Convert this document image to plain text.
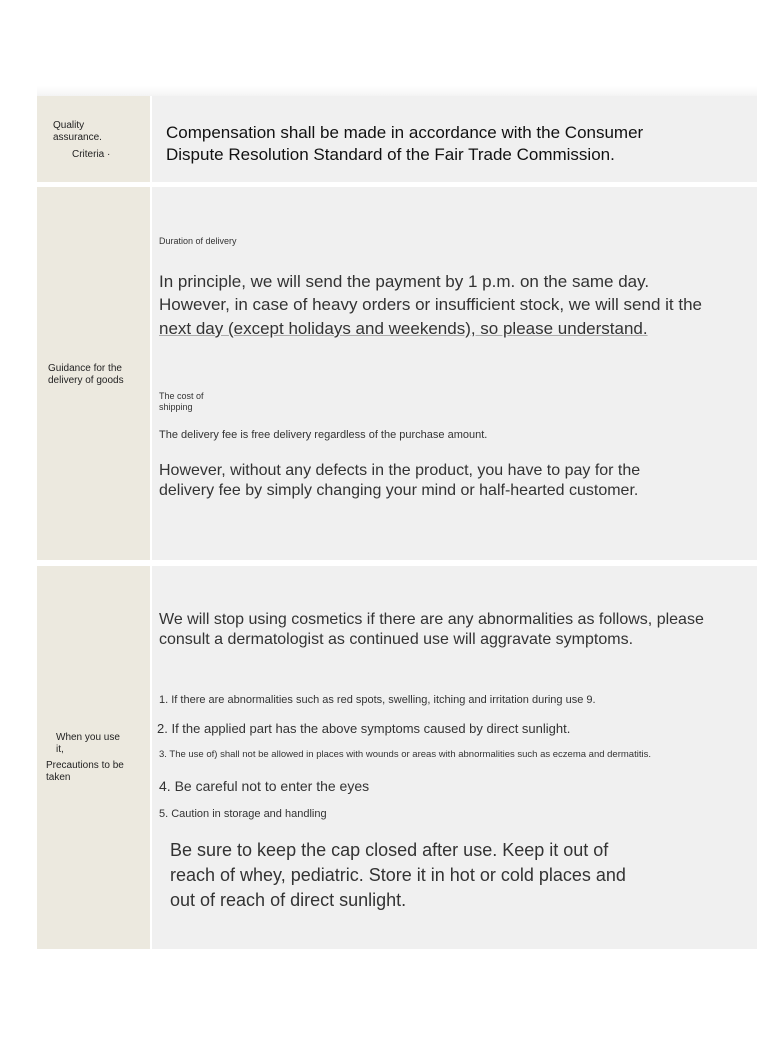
Quality
assurance.
Criteria ·
Compensation shall be made in accordance with the Consumer
Dispute Resolution Standard of the Fair Trade Commission.
Guidance for the
delivery of goods
Duration of delivery
In principle, we will send the payment by 1 p.m. on the same day.
However, in case of heavy orders or insufficient stock, we will send it the
next day (except holidays and weekends), so please understand.
The cost of
shipping
The delivery fee is free delivery regardless of the purchase amount.
However, without any defects in the product, you have to pay for the
delivery fee by simply changing your mind or half-hearted customer.
When you use
it,
Precautions to be
taken
We will stop using cosmetics if there are any abnormalities as follows, please
consult a dermatologist as continued use will aggravate symptoms.
1. If there are abnormalities such as red spots, swelling, itching and irritation during use 9.
2. If the applied part has the above symptoms caused by direct sunlight.
3. The use of) shall not be allowed in places with wounds or areas with abnormalities such as eczema and dermatitis.
4. Be careful not to enter the eyes
5. Caution in storage and handling
Be sure to keep the cap closed after use. Keep it out of
reach of whey, pediatric. Store it in hot or cold places and
out of reach of direct sunlight.
